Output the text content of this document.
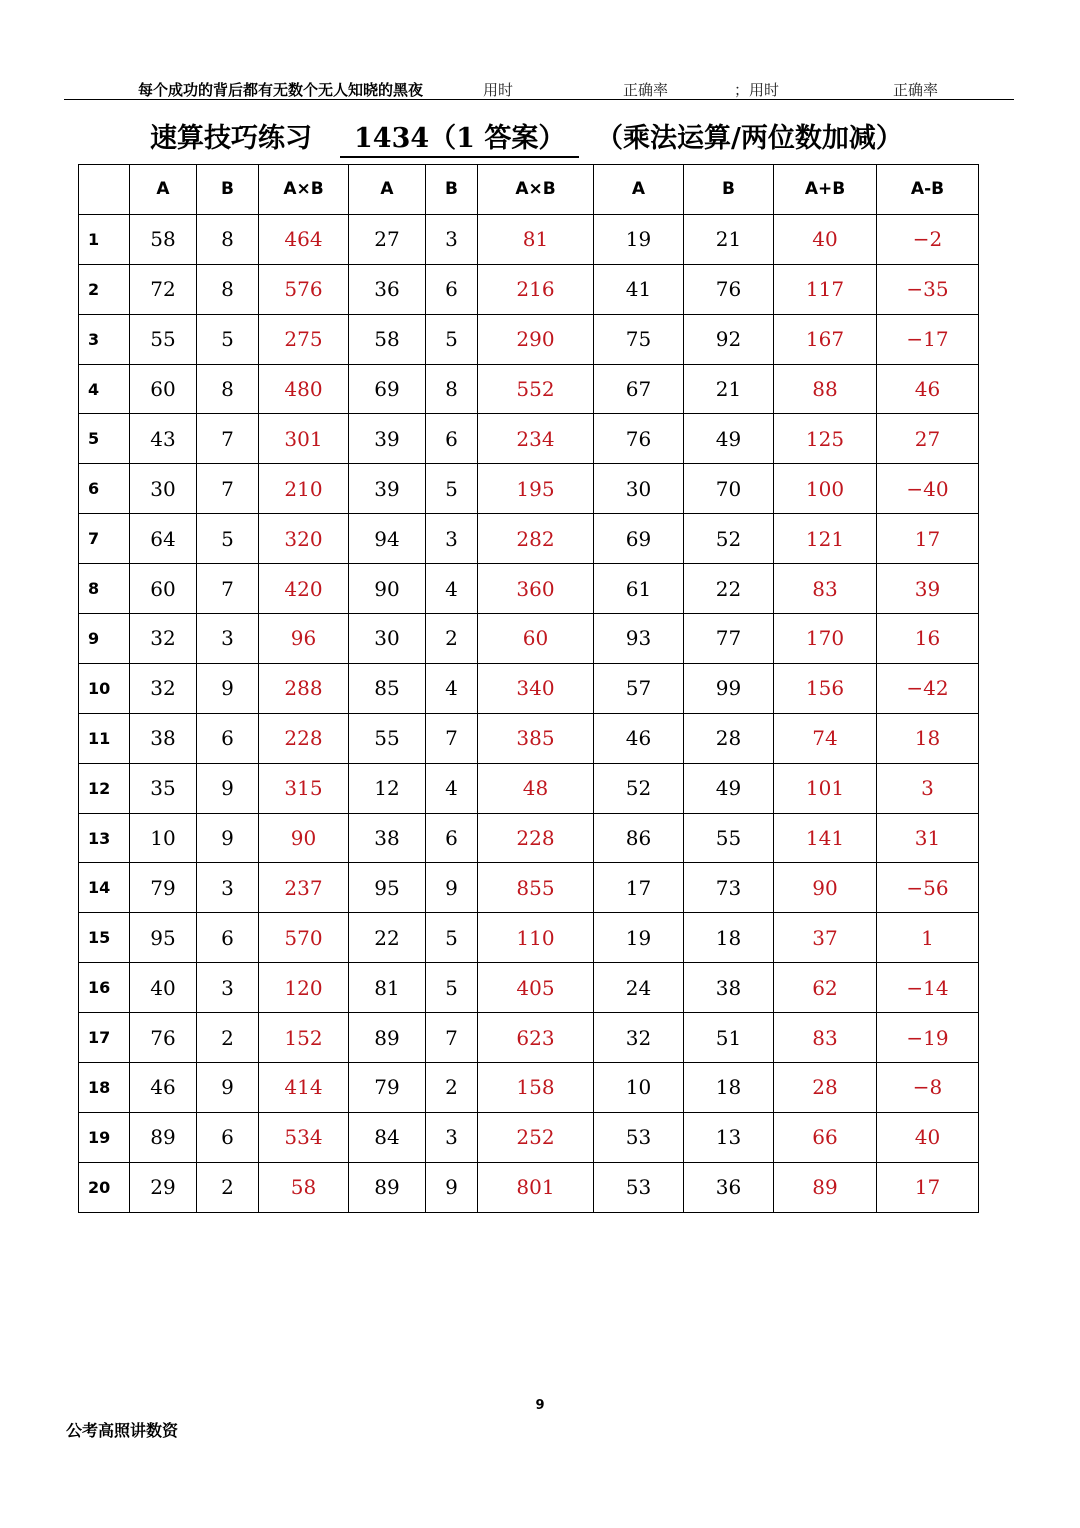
每个成功的背后都有无数个无人知晓的黑夜	用时	正确率	；用时	正确率
速算技巧练习	1434（1 答案）	（乘法运算/两位数加减）
	A	B	A×B	A	B	A×B	A	B	A+B	A-B
1	58	8	464	27	3	81	19	21	40	−2
2	72	8	576	36	6	216	41	76	117	−35
3	55	5	275	58	5	290	75	92	167	−17
4	60	8	480	69	8	552	67	21	88	46
5	43	7	301	39	6	234	76	49	125	27
6	30	7	210	39	5	195	30	70	100	−40
7	64	5	320	94	3	282	69	52	121	17
8	60	7	420	90	4	360	61	22	83	39
9	32	3	96	30	2	60	93	77	170	16
10	32	9	288	85	4	340	57	99	156	−42
11	38	6	228	55	7	385	46	28	74	18
12	35	9	315	12	4	48	52	49	101	3
13	10	9	90	38	6	228	86	55	141	31
14	79	3	237	95	9	855	17	73	90	−56
15	95	6	570	22	5	110	19	18	37	1
16	40	3	120	81	5	405	24	38	62	−14
17	76	2	152	89	7	623	32	51	83	−19
18	46	9	414	79	2	158	10	18	28	−8
19	89	6	534	84	3	252	53	13	66	40
20	29	2	58	89	9	801	53	36	89	17
9
公考高照讲数资
